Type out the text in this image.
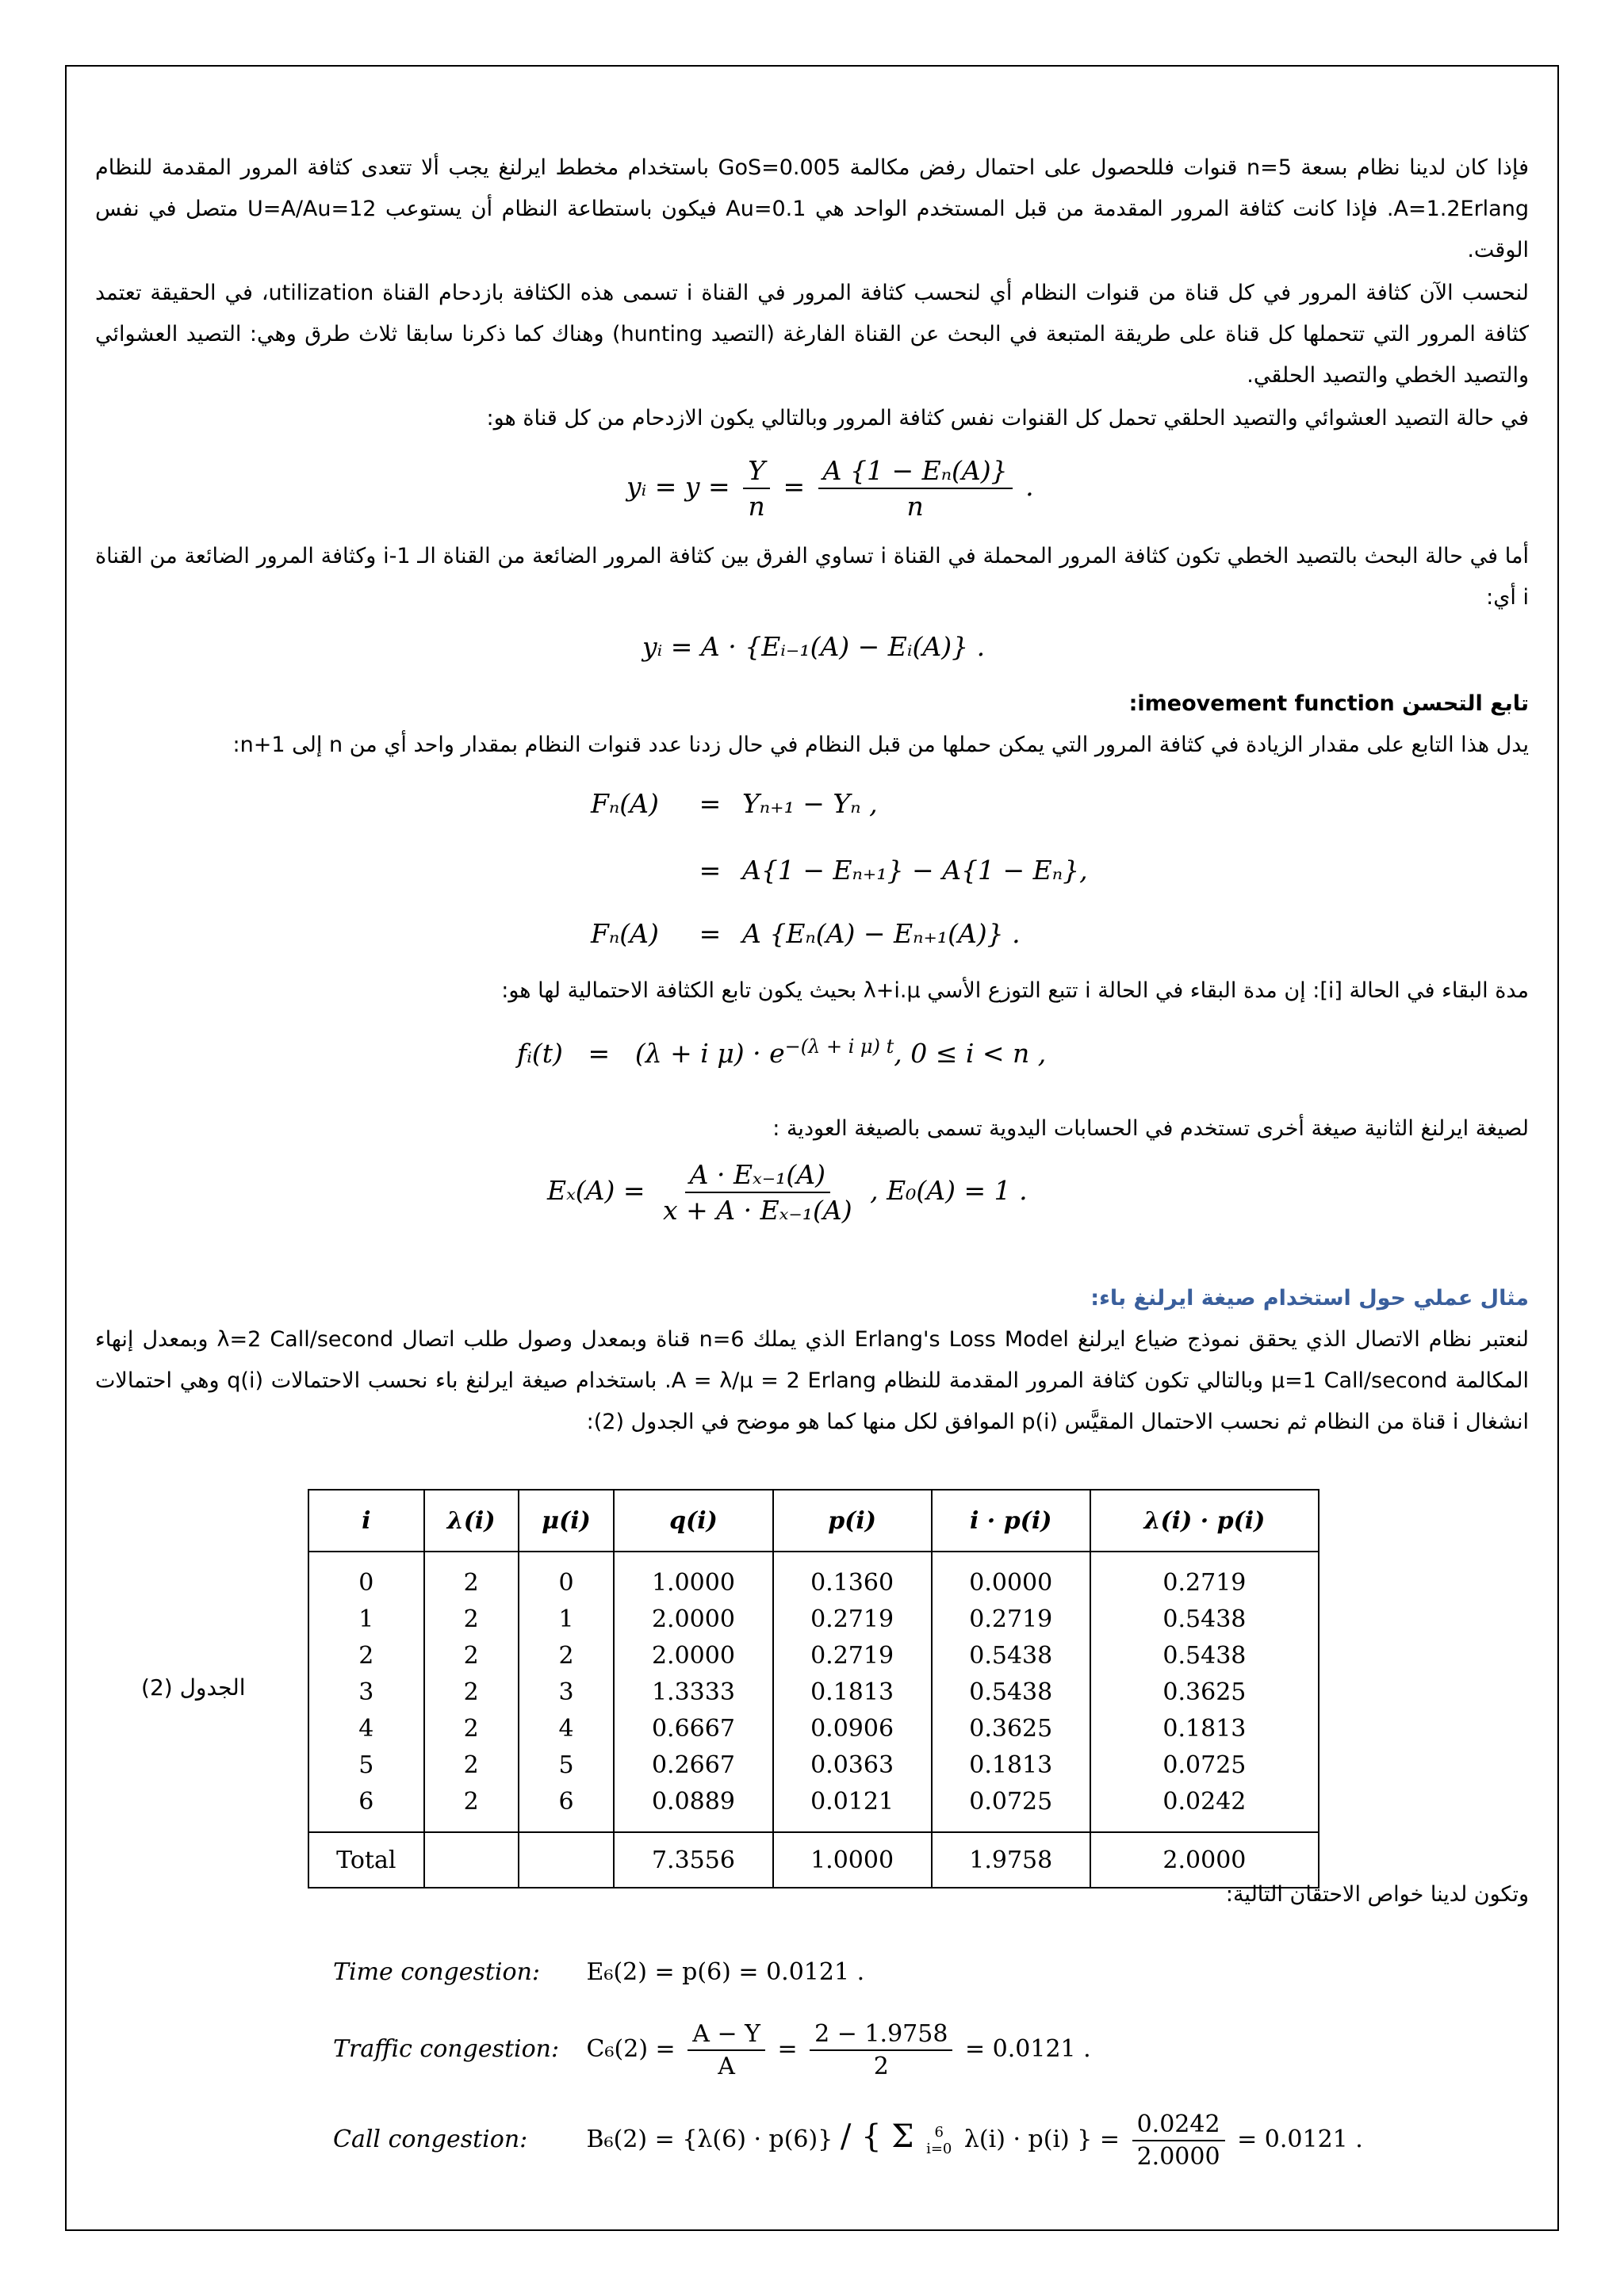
فإذا كان لدينا نظام بسعة n=5 قنوات فللحصول على احتمال رفض مكالمة GoS=0.005 باستخدام مخطط ايرلنغ يجب ألا تتعدى كثافة المرور المقدمة للنظام A=1.2Erlang. فإذا كانت كثافة المرور المقدمة من قبل المستخدم الواحد هي Au=0.1 فيكون باستطاعة النظام أن يستوعب U=A/Au=12 متصل في نفس الوقت.

لنحسب الآن كثافة المرور في كل قناة من قنوات النظام أي لنحسب كثافة المرور في القناة i تسمى هذه الكثافة بازدحام القناة utilization، في الحقيقة تعتمد كثافة المرور التي تتحملها كل قناة على طريقة المتبعة في البحث عن القناة الفارغة (التصيد hunting) وهناك كما ذكرنا سابقا ثلاث طرق وهي: التصيد العشوائي والتصيد الخطي والتصيد الحلقي.

في حالة التصيد العشوائي والتصيد الحلقي تحمل كل القنوات نفس كثافة المرور وبالتالي يكون الازدحام من كل قناة هو:

yᵢ = $y = \frac{Y}{n} = \frac{\text{A \{1 − Eₙ(A)\}}}{n}$ .

أما في حالة البحث بالتصيد الخطي تكون كثافة المرور المحملة في القناة i تساوي الفرق بين كثافة المرور الضائعة من القناة الـ i-1 وكثافة المرور الضائعة من القناة i أي:

yᵢ = A · {Eᵢ₋₁(A) − Eᵢ(A)} .
تابع التحسن imeovement function:

يدل هذا التابع على مقدار الزيادة في كثافة المرور التي يمكن حملها من قبل النظام في حال زدنا عدد قنوات النظام بمقدار واحد أي من n إلى n+1:

Fₙ(A) = Yₙ₊₁ − Yₙ ,
= A{1 − Eₙ₊₁} − A{1 − Eₙ},
Fₙ(A) = A {Eₙ(A) − Eₙ₊₁(A)} .

مدة البقاء في الحالة [i]: إن مدة البقاء في الحالة i تتبع التوزع الأسي λ+i.μ بحيث يكون تابع الكثافة الاحتمالية لها هو:

fᵢ(t) = (λ + i $\mu) \cdot e^{-(\lambda + i \mu) t}$, 0 ≤ i < n ,

لصيغة ايرلنغ الثانية صيغة أخرى تستخدم في الحسابات اليدوية تسمى بالصيغة العودية :

$E_x(A) = \frac{\text{A · Eₓ₋₁(A)}}{\text{x + A · Eₓ₋₁(A)}}$ , E₀(A) = 1 .
مثال عملي حول استخدام صيغة ايرلنغ باء:

لنعتبر نظام الاتصال الذي يحقق نموذج ضياع ايرلنغ Erlang's Loss Model الذي يملك n=6 قناة وبمعدل وصول طلب اتصال λ=2 Call/second وبمعدل إنهاء المكالمة μ=1 Call/second وبالتالي تكون كثافة المرور المقدمة للنظام A = λ/μ = 2 Erlang. باستخدام صيغة ايرلنغ باء نحسب الاحتمالات q(i) وهي احتمالات انشغال i قناة من النظام ثم نحسب الاحتمال المقيَّس p(i) الموافق لكل منها كما هو موضح في الجدول (2):

الجدول (2)
i	λ(i)	μ(i)	q(i)	p(i)	i · p(i)	λ(i) · p(i)
0	2	0	1.0000	0.1360	0.0000	0.2719
1	2	1	2.0000	0.2719	0.2719	0.5438
2	2	2	2.0000	0.2719	0.5438	0.5438
3	2	3	1.3333	0.1813	0.5438	0.3625
4	2	4	0.6667	0.0906	0.3625	0.1813
5	2	5	0.2667	0.0363	0.1813	0.0725
6	2	6	0.0889	0.0121	0.0725	0.0242
Total			7.3556	1.0000	1.9758	2.0000

وتكون لدينا خواص الاحتقان التالية:

Time congestion: E₆(2) = p(6) = 0.0121 .
Traffic congestion: $C_6(2) = \frac{A - Y}{A} = \frac{2 - 1.9758}{2} = 0.0121$ .
Call congestion: B₆(2) = {λ(6) · p(6)} / { Σ 6
i=0 λ(i) · p(i) } = $\frac{0.0242}{2.0000} = 0.0121$ .
